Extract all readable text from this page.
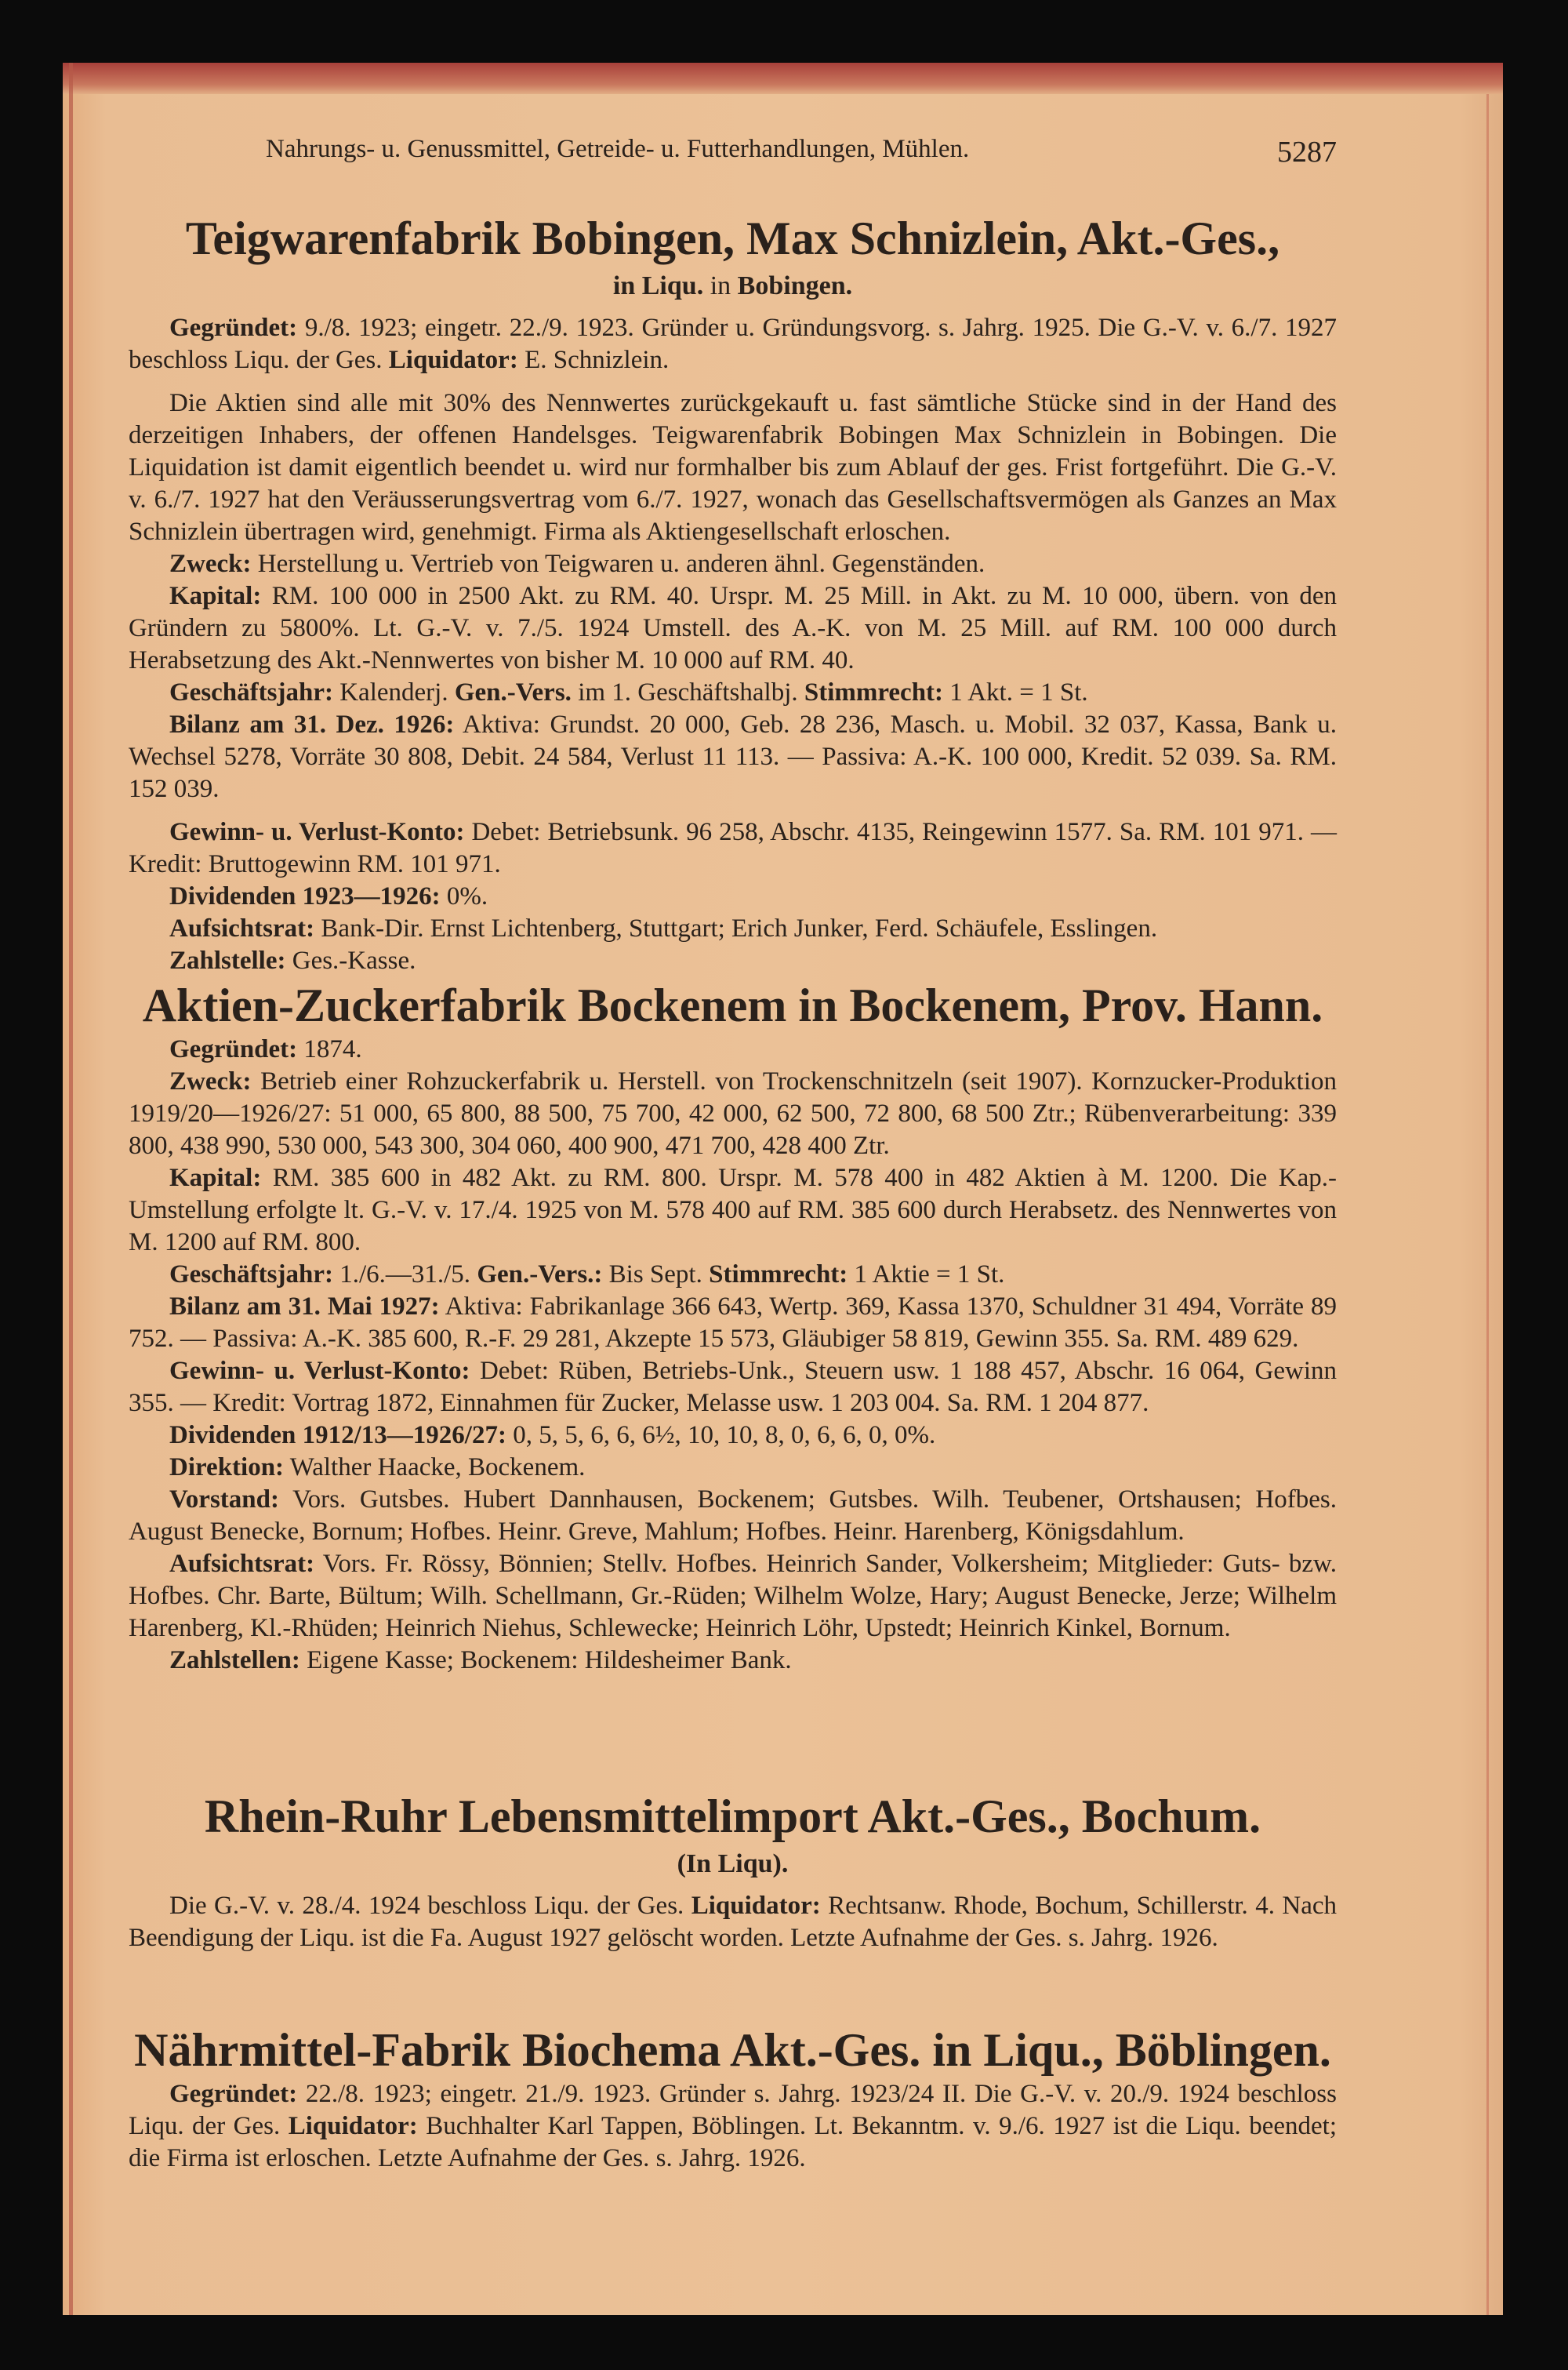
Nahrungs- u. Genussmittel, Getreide- u. Futterhandlungen, Mühlen.	5287
Teigwarenfabrik Bobingen, Max Schnizlein, Akt.-Ges.,
in Liqu. in Bobingen.

Gegründet: 9./8. 1923; eingetr. 22./9. 1923. Gründer u. Gründungsvorg. s. Jahrg. 1925. Die G.-V. v. 6./7. 1927 beschloss Liqu. der Ges. Liquidator: E. Schnizlein.

Die Aktien sind alle mit 30% des Nennwertes zurückgekauft u. fast sämtliche Stücke sind in der Hand des derzeitigen Inhabers, der offenen Handelsges. Teigwarenfabrik Bobingen Max Schnizlein in Bobingen. Die Liquidation ist damit eigentlich beendet u. wird nur formhalber bis zum Ablauf der ges. Frist fortgeführt. Die G.-V. v. 6./7. 1927 hat den Veräusserungsvertrag vom 6./7. 1927, wonach das Gesellschaftsvermögen als Ganzes an Max Schnizlein übertragen wird, genehmigt. Firma als Aktiengesellschaft erloschen.

Zweck: Herstellung u. Vertrieb von Teigwaren u. anderen ähnl. Gegenständen.

Kapital: RM. 100 000 in 2500 Akt. zu RM. 40. Urspr. M. 25 Mill. in Akt. zu M. 10 000, übern. von den Gründern zu 5800%. Lt. G.-V. v. 7./5. 1924 Umstell. des A.-K. von M. 25 Mill. auf RM. 100 000 durch Herabsetzung des Akt.-Nennwertes von bisher M. 10 000 auf RM. 40.

Geschäftsjahr: Kalenderj. Gen.-Vers. im 1. Geschäftshalbj. Stimmrecht: 1 Akt. = 1 St.

Bilanz am 31. Dez. 1926: Aktiva: Grundst. 20 000, Geb. 28 236, Masch. u. Mobil. 32 037, Kassa, Bank u. Wechsel 5278, Vorräte 30 808, Debit. 24 584, Verlust 11 113. — Passiva: A.-K. 100 000, Kredit. 52 039. Sa. RM. 152 039.

Gewinn- u. Verlust-Konto: Debet: Betriebsunk. 96 258, Abschr. 4135, Reingewinn 1577. Sa. RM. 101 971. — Kredit: Bruttogewinn RM. 101 971.

Dividenden 1923—1926: 0%.

Aufsichtsrat: Bank-Dir. Ernst Lichtenberg, Stuttgart; Erich Junker, Ferd. Schäufele, Esslingen.

Zahlstelle: Ges.-Kasse.

Aktien-Zuckerfabrik Bockenem in Bockenem, Prov. Hann.

Gegründet: 1874.

Zweck: Betrieb einer Rohzuckerfabrik u. Herstell. von Trockenschnitzeln (seit 1907). Kornzucker-Produktion 1919/20—1926/27: 51 000, 65 800, 88 500, 75 700, 42 000, 62 500, 72 800, 68 500 Ztr.; Rübenverarbeitung: 339 800, 438 990, 530 000, 543 300, 304 060, 400 900, 471 700, 428 400 Ztr.

Kapital: RM. 385 600 in 482 Akt. zu RM. 800. Urspr. M. 578 400 in 482 Aktien à M. 1200. Die Kap.-Umstellung erfolgte lt. G.-V. v. 17./4. 1925 von M. 578 400 auf RM. 385 600 durch Herabsetz. des Nennwertes von M. 1200 auf RM. 800.

Geschäftsjahr: 1./6.—31./5. Gen.-Vers.: Bis Sept. Stimmrecht: 1 Aktie = 1 St.

Bilanz am 31. Mai 1927: Aktiva: Fabrikanlage 366 643, Wertp. 369, Kassa 1370, Schuldner 31 494, Vorräte 89 752. — Passiva: A.-K. 385 600, R.-F. 29 281, Akzepte 15 573, Gläubiger 58 819, Gewinn 355. Sa. RM. 489 629.

Gewinn- u. Verlust-Konto: Debet: Rüben, Betriebs-Unk., Steuern usw. 1 188 457, Abschr. 16 064, Gewinn 355. — Kredit: Vortrag 1872, Einnahmen für Zucker, Melasse usw. 1 203 004. Sa. RM. 1 204 877.

Dividenden 1912/13—1926/27: 0, 5, 5, 6, 6, 6½, 10, 10, 8, 0, 6, 6, 0, 0%.

Direktion: Walther Haacke, Bockenem.

Vorstand: Vors. Gutsbes. Hubert Dannhausen, Bockenem; Gutsbes. Wilh. Teubener, Ortshausen; Hofbes. August Benecke, Bornum; Hofbes. Heinr. Greve, Mahlum; Hofbes. Heinr. Harenberg, Königsdahlum.

Aufsichtsrat: Vors. Fr. Rössy, Bönnien; Stellv. Hofbes. Heinrich Sander, Volkersheim; Mitglieder: Guts- bzw. Hofbes. Chr. Barte, Bültum; Wilh. Schellmann, Gr.-Rüden; Wilhelm Wolze, Hary; August Benecke, Jerze; Wilhelm Harenberg, Kl.-Rhüden; Heinrich Niehus, Schlewecke; Heinrich Löhr, Upstedt; Heinrich Kinkel, Bornum.

Zahlstellen: Eigene Kasse; Bockenem: Hildesheimer Bank.

Rhein-Ruhr Lebensmittelimport Akt.-Ges., Bochum.
(In Liqu).

Die G.-V. v. 28./4. 1924 beschloss Liqu. der Ges. Liquidator: Rechtsanw. Rhode, Bochum, Schillerstr. 4. Nach Beendigung der Liqu. ist die Fa. August 1927 gelöscht worden. Letzte Aufnahme der Ges. s. Jahrg. 1926.

Nährmittel-Fabrik Biochema Akt.-Ges. in Liqu., Böblingen.

Gegründet: 22./8. 1923; eingetr. 21./9. 1923. Gründer s. Jahrg. 1923/24 II. Die G.-V. v. 20./9. 1924 beschloss Liqu. der Ges. Liquidator: Buchhalter Karl Tappen, Böblingen. Lt. Bekanntm. v. 9./6. 1927 ist die Liqu. beendet; die Firma ist erloschen. Letzte Aufnahme der Ges. s. Jahrg. 1926.
